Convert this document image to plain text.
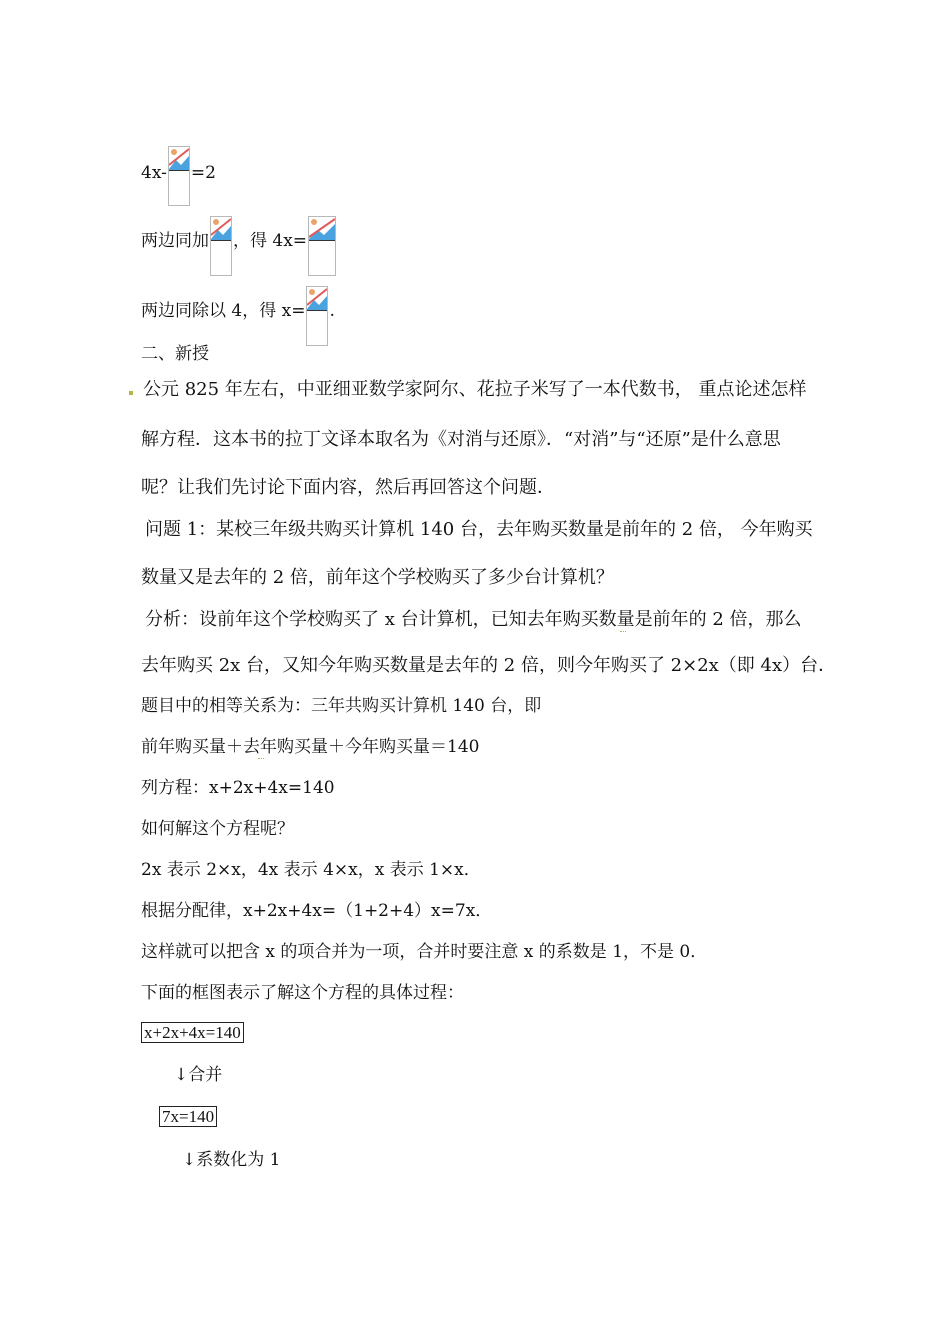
4x- =2
两边同加 ，得 4x=
两边同除以 4，得 x= .
二、新授
公元 825 年左右，中亚细亚数学家阿尔、花拉子米写了一本代数书， 重点论述怎样
解方程．这本书的拉丁文译本取名为《对消与还原》．“对消”与“还原”是什么意思
呢？让我们先讨论下面内容，然后再回答这个问题．
问题 1：某校三年级共购买计算机 140 台，去年购买数量是前年的 2 倍， 今年购买
数量又是去年的 2 倍，前年这个学校购买了多少台计算机？
分析：设前年这个学校购买了 x 台计算机，已知去年购买数量是前年的 2 倍，那么
去年购买 2x 台，又知今年购买数量是去年的 2 倍，则今年购买了 2×2x（即 4x）台．
题目中的相等关系为：三年共购买计算机 140 台，即
前年购买量＋去年购买量＋今年购买量＝140
列方程：x+2x+4x=140
如何解这个方程呢？
2x 表示 2×x，4x 表示 4×x，x 表示 1×x．
根据分配律，x+2x+4x=（1+2+4）x=7x．
这样就可以把含 x 的项合并为一项，合并时要注意 x 的系数是 1，不是 0．
下面的框图表示了解这个方程的具体过程：
x+2x+4x=140
↓合并
7x=140
↓系数化为 1
